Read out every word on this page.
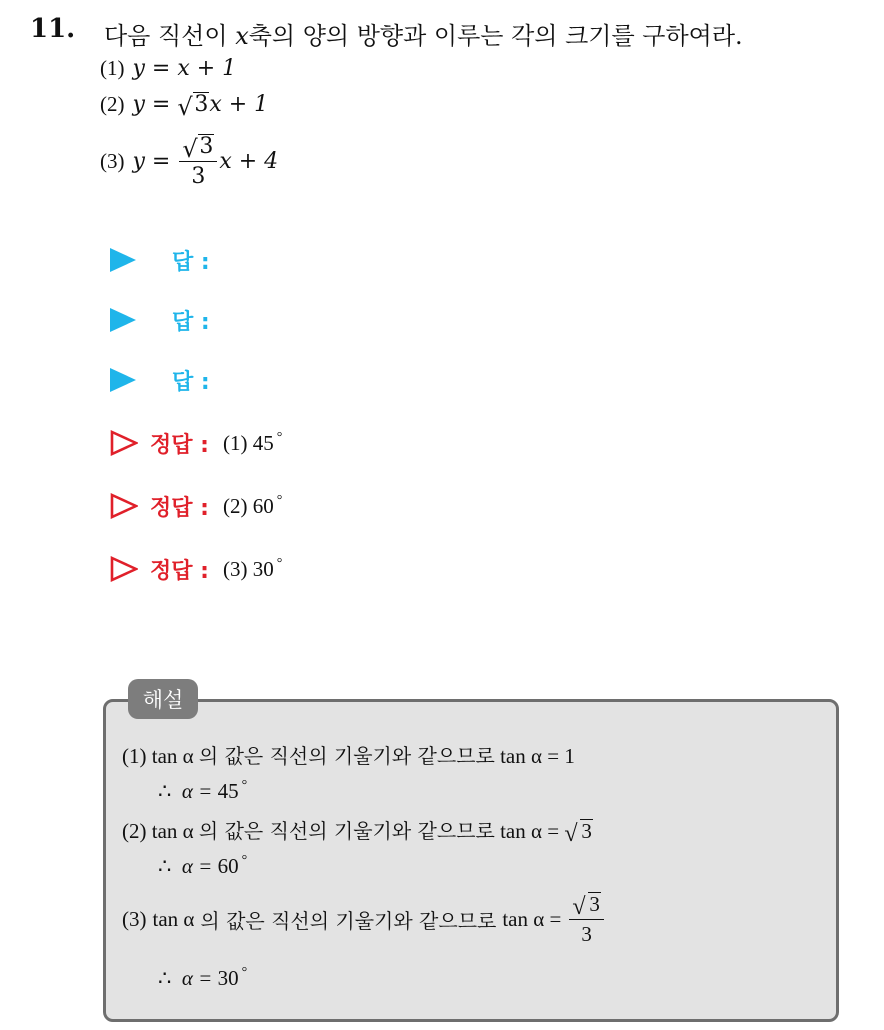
11. 다음 직선이 x축의 양의 방향과 이루는 각의 크기를 구하여라.
(1) y = x + 1
(2) y = √ 3x + 1
(3) y =
$\frac{√ 3}{3}$ x + 4
답 :
답 :
답 :
정답 : (1) 45 °
정답 : (2) 60 °
정답 : (3) 30 °
해설
(1) tan α 의 값은 직선의 기울기와 같으므로 tan α = 1
∴ α = 45 °
(2) tan α 의 값은 직선의 기울기와 같으므로 tan α = √ 3
∴ α = 60 °
(3) tan α 의 값은 직선의 기울기와 같으므로 $\tan \alpha = \frac{√ 3}{3}$
∴ α = 30 °
